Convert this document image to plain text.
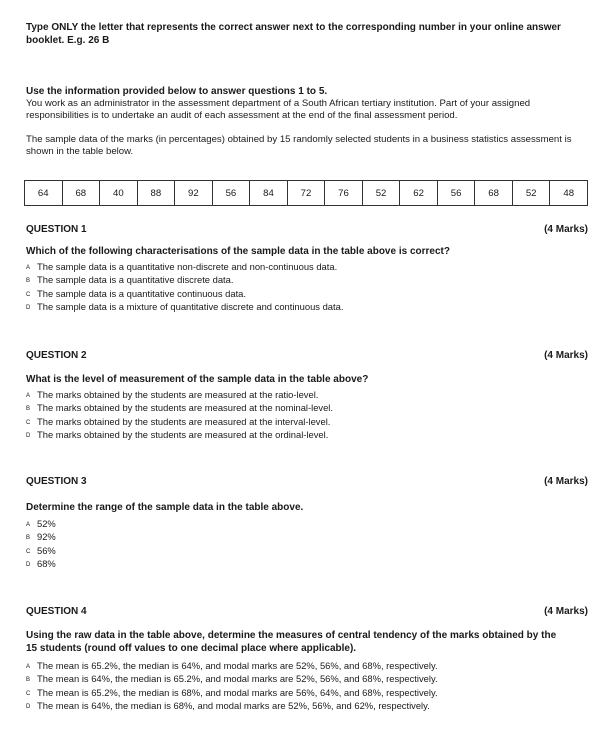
Type ONLY the letter that represents the correct answer next to the corresponding number in your online answer booklet. E.g. 26 B

Use the information provided below to answer questions 1 to 5.

You work as an administrator in the assessment department of a South African tertiary institution. Part of your assigned responsibilities is to undertake an audit of each assessment at the end of the final assessment period.

The sample data of the marks (in percentages) obtained by 15 randomly selected students in a business statistics assessment is shown in the table below.

64	68	40	88	92	56	84	72	76	52	62	56	68	52	48
QUESTION 1	(4 Marks)
Which of the following characterisations of the sample data in the table above is correct?
A The sample data is a quantitative non-discrete and non-continuous data.
B The sample data is a quantitative discrete data.
C The sample data is a quantitative continuous data.
D The sample data is a mixture of quantitative discrete and continuous data.
QUESTION 2	(4 Marks)
What is the level of measurement of the sample data in the table above?
A The marks obtained by the students are measured at the ratio-level.
B The marks obtained by the students are measured at the nominal-level.
C The marks obtained by the students are measured at the interval-level.
D The marks obtained by the students are measured at the ordinal-level.
QUESTION 3	(4 Marks)
Determine the range of the sample data in the table above.
A 52%
B 92%
C 56%
D 68%
QUESTION 4	(4 Marks)
Using the raw data in the table above, determine the measures of central tendency of the marks obtained by the 15 students (round off values to one decimal place where applicable).
A The mean is 65.2%, the median is 64%, and modal marks are 52%, 56%, and 68%, respectively.
B The mean is 64%, the median is 65.2%, and modal marks are 52%, 56%, and 68%, respectively.
C The mean is 65.2%, the median is 68%, and modal marks are 56%, 64%, and 68%, respectively.
D The mean is 64%, the median is 68%, and modal marks are 52%, 56%, and 62%, respectively.
